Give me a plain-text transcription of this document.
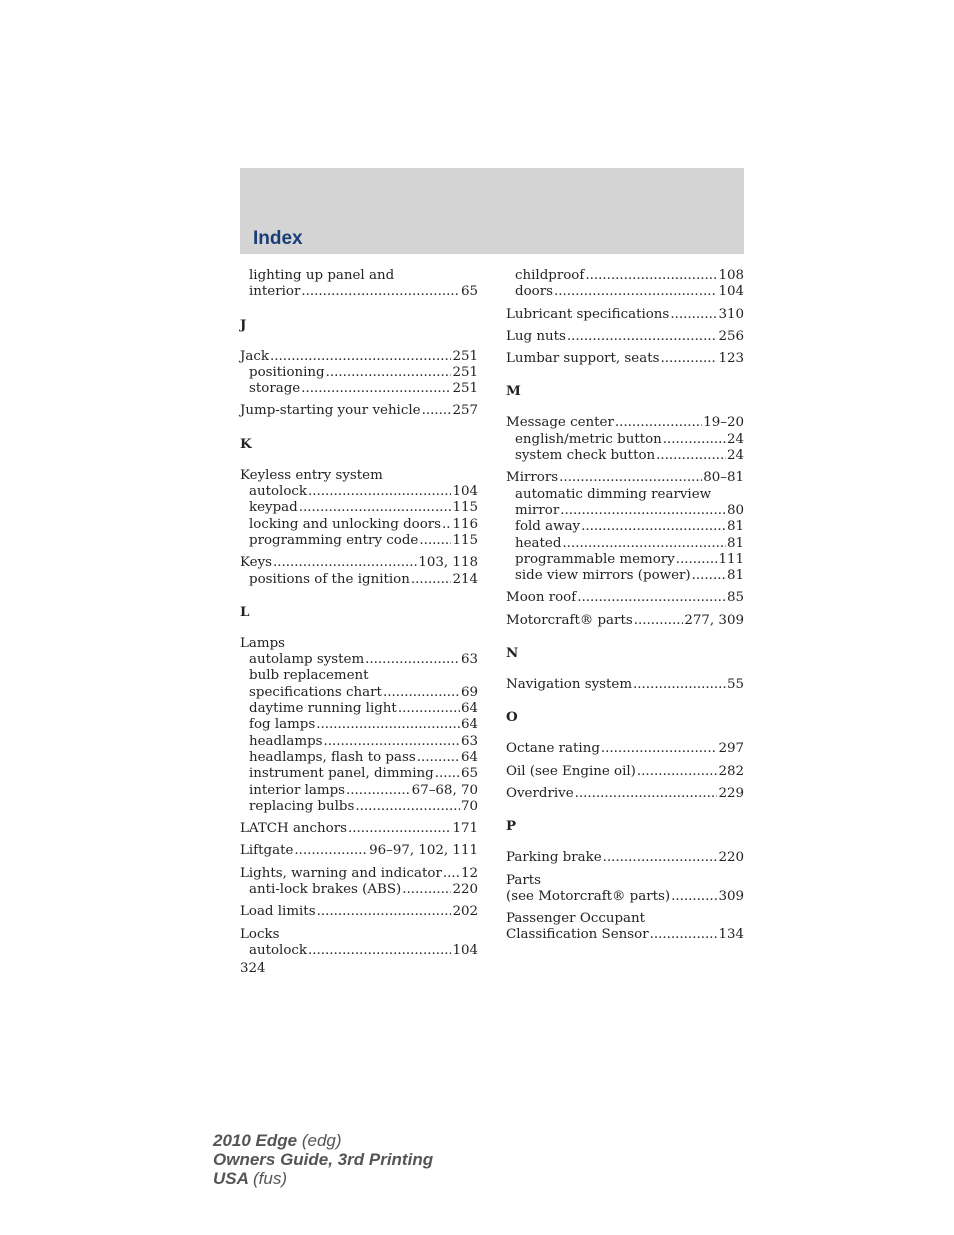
Index
lighting up panel and
interior .....	65
J
Jack .....	251
positioning .....	251
storage .....	251
Jump-starting your vehicle ..... 257
K
Keyless entry system
autolock .....	104
keypad .....	115
locking and unlocking doors ..... 116
programming entry code .....	115
Keys .....	103, 118
positions of the ignition .....	214
L
Lamps
autolamp system .....	63
bulb replacement
specifications chart .....	69
daytime running light .....	64
fog lamps .....	64
headlamps .....	63
headlamps, flash to pass .....	64
instrument panel, dimming ..... 65
interior lamps .....	67–68, 70
replacing bulbs .....	70
LATCH anchors .....	171
Liftgate .....	96–97, 102, 111
Lights, warning and indicator ..... 12
anti-lock brakes (ABS) .....	220
Load limits .....	202
Locks
autolock .....	104
childproof .....	108
doors .....	104
Lubricant specifications .....	310
Lug nuts .....	256
Lumbar support, seats .....	123
M
Message center .....	19–20
english/metric button .....	24
system check button .....	24
Mirrors .....	80–81
automatic dimming rearview
mirror .....	80
fold away .....	81
heated .....	81
programmable memory .....	111
side view mirrors (power) .....	81
Moon roof .....	85
Motorcraft® parts .....	277, 309
N
Navigation system .....	55
O
Octane rating .....	297
Oil (see Engine oil) .....	282
Overdrive .....	229
P
Parking brake .....	220
Parts
(see Motorcraft® parts) .....	309
Passenger Occupant
Classification Sensor .....	134
324
2010 Edge (edg)
Owners Guide, 3rd Printing
USA (fus)
